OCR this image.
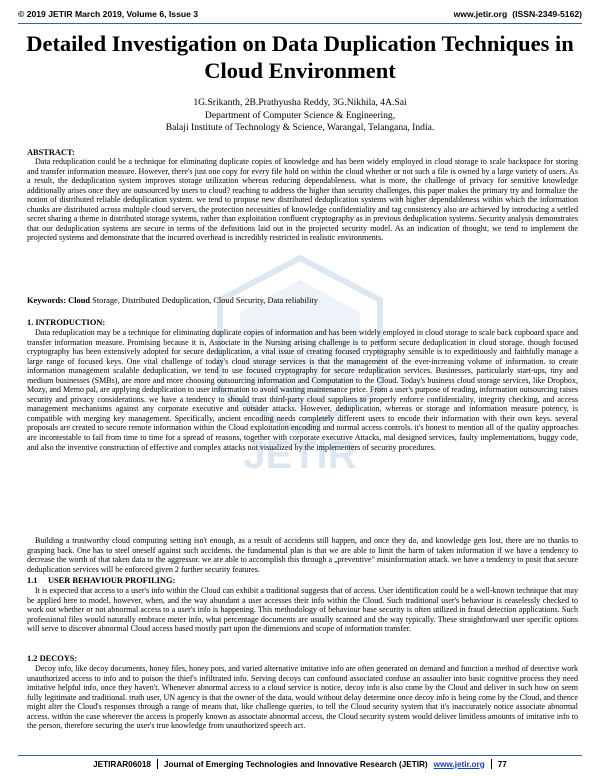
© 2019 JETIR March 2019, Volume 6, Issue 3	www.jetir.org (ISSN-2349-5162)
Detailed Investigation on Data Duplication Techniques in Cloud Environment
1G.Srikanth, 2B.Prathyusha Reddy, 3G.Nikhila, 4A.Sai
Department of Computer Science & Engineering,
Balaji Institute of Technology & Science, Warangal, Telangana, India.
JETIR
ABSTRACT:
Data reduplication could be a technique for eliminating duplicate copies of knowledge and has been widely employed in cloud storage to scale backspace for storing and transfer information measure. However, there's just one copy for every file hold on within the cloud whether or not such a file is owned by a large variety of users. As a result, the deduplication system improves storage utilization whereas reducing dependableness. what is more, the challenge of privacy for sensitive knowledge additionally arises once they are outsourced by users to cloud? reaching to address the higher than security challenges, this paper makes the primary try and formalize the notion of distributed reliable deduplication system. we tend to propose new distributed deduplication systems with higher dependableness within which the information chunks are distributed across multiple cloud servers, the protection necessities of knowledge confidentiality and tag consistency also are achieved by introducing a settled secret sharing a theme in distributed storage systems, rather than exploitation confluent cryptography as in previous deduplication systems. Security analysis demonstrates that our deduplication systems are secure in terms of the definitions laid out in the projected security model. As an indication of thought, we tend to implement the projected systems and demonstrate that the incurred overhead is incredibly restricted in realistic environments.
Keywords: Cloud Storage, Distributed Deduplication, Cloud Security, Data reliability
1. INTRODUCTION:
Data reduplication may be a technique for eliminating duplicate copies of information and has been widely employed in cloud storage to scale back cupboard space and transfer information measure. Promising because it is, Associate in the Nursing arising challenge is to perform secure deduplication in cloud storage. though focused cryptography has been extensively adopted for secure deduplication, a vital issue of creating focused cryptography sensible is to expeditiously and faithfully manage a large range of focused keys. One vital challenge of today's cloud storage services is that the management of the ever-increasing volume of information. to create information management scalable deduplication, we tend to use focused cryptography for secure reduplication services. Businesses, particularly start-ups, tiny and medium businesses (SMBs), are more and more choosing outsourcing information and Computation to the Cloud. Today's business cloud storage services, like Dropbox, Mozy, and Memo pal, are applying deduplication to user information to avoid wasting maintenance price. From a user's purpose of reading, information outsourcing raises security and privacy considerations. we have a tendency to should trust third-party cloud suppliers to properly enforce confidentiality, integrity checking, and access management mechanisms against any corporate executive and outsider attacks. However, deduplication, whereas or storage and information measure potency, is compatible with merging key management. Specifically, ancient encoding needs completely different users to encode their information with their own keys. several proposals are created to secure remote information within the Cloud exploitation encoding and normal access controls. it's honest to mention all of the quality approaches are incontestable to fail from time to time for a spread of reasons, together with corporate executive Attacks, mal designed services, faulty implementations, buggy code, and also the inventive construction of effective and complex attacks not visualized by the implementers of security procedures.
Building a trustworthy cloud computing setting isn't enough, as a result of accidents still happen, and once they do, and knowledge gets lost, there are no thanks to grasping back. One has to steel oneself against such accidents. the fundamental plan is that we are able to limit the harm of taken information if we have a tendency to decrease the worth of that taken data to the aggressor. we are able to accomplish this through a „preventive" misinformation attack. we have a tendency to posit that secure deduplication services will be enforced given 2 further security features.
1.1     USER BEHAVIOUR PROFILING:
It is expected that access to a user's info within the Cloud can exhibit a traditional suggests that of access. User identification could be a well-known technique that may be applied here to model, however, when, and the way abundant a user accesses their info within the Cloud. Such traditional user's behaviour is ceaselessly checked to work out whether or not abnormal access to a user's info is happening. This methodology of behaviour base security is often utilized in fraud detection applications. Such professional files would naturally embrace meter info, what percentage documents are usually scanned and the way typically. These straightforward user specific options will serve to discover abnormal Cloud access based mostly part upon the dimensions and scope of information transfer.
1.2 DECOYS:
Decoy info, like decoy documents, honey files, honey pots, and varied alternative imitative info are often generated on demand and function a method of detective work unauthorized access to info and to poison the thief's infiltrated info. Serving decoys can confound associated confuse an assaulter into basic cognitive process they need imitative helpful info, once they haven't. Whenever abnormal access to a cloud service is notice, decoy info is also come by the Cloud and deliver in such how on seem fully legitimate and traditional. truth user, UN agency is that the owner of the data, would without delay determine once decoy info is being come by the Cloud, and thence might alter the Cloud's responses through a range of means that, like challenge queries, to tell the Cloud security system that it's inaccurately notice associate abnormal access. within the case wherever the access is properly known as associate abnormal access, the Cloud security system would deliver limitless amounts of imitative info to the person, therefore securing the user's true knowledge from unauthorized speech act.
JETIRAR06018 Journal of Emerging Technologies and Innovative Research (JETIR) www.jetir.org 77
